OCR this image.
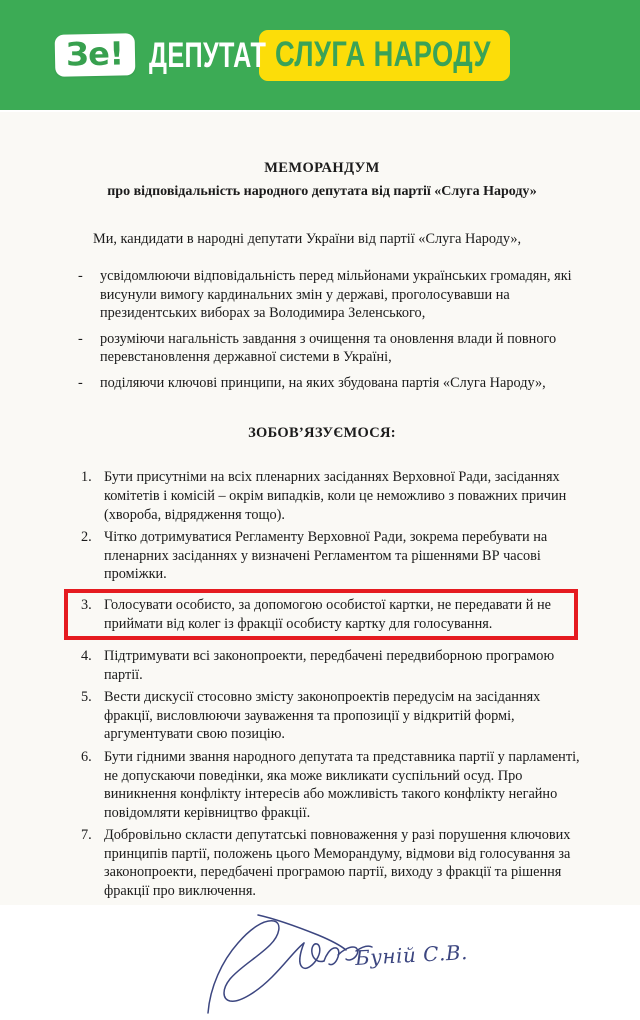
Зе! ДЕПУТАТ СЛУГА НАРОДУ
МЕМОРАНДУМ
про відповідальність народного депутата від партії «Слуга Народу»
Ми, кандидати в народні депутати України від партії «Слуга Народу»,
- усвідомлюючи відповідальність перед мільйонами українських громадян, які висунули вимогу кардинальних змін у державі, проголосувавши на президентських виборах за Володимира Зеленського,
- розуміючи нагальність завдання з очищення та оновлення влади й повного перевстановлення державної системи в Україні,
- поділяючи ключові принципи, на яких збудована партія «Слуга Народу»,
ЗОБОВ’ЯЗУЄМОСЯ:
Бути присутніми на всіх пленарних засіданнях Верховної Ради, засіданнях комітетів і комісій – окрім випадків, коли це неможливо з поважних причин (хвороба, відрядження тощо).
Чітко дотримуватися Регламенту Верховної Ради, зокрема перебувати на пленарних засіданнях у визначені Регламентом та рішеннями ВР часові проміжки.
Голосувати особисто, за допомогою особистої картки, не передавати й не приймати від колег із фракції особисту картку для голосування.
Підтримувати всі законопроекти, передбачені передвиборною програмою партії.
Вести дискусії стосовно змісту законопроектів передусім на засіданнях фракції, висловлюючи зауваження та пропозиції у відкритій формі, аргументувати свою позицію.
Бути гідними звання народного депутата та представника партії у парламенті, не допускаючи поведінки, яка може викликати суспільний осуд. Про виникнення конфлікту інтересів або можливість такого конфлікту негайно повідомляти керівництво фракції.
Добровільно скласти депутатські повноваження у разі порушення ключових принципів партії, положень цього Меморандуму, відмови від голосування за законопроекти, передбачені програмою партії, виходу з фракції та рішення фракції про виключення.
Буній С.В.
